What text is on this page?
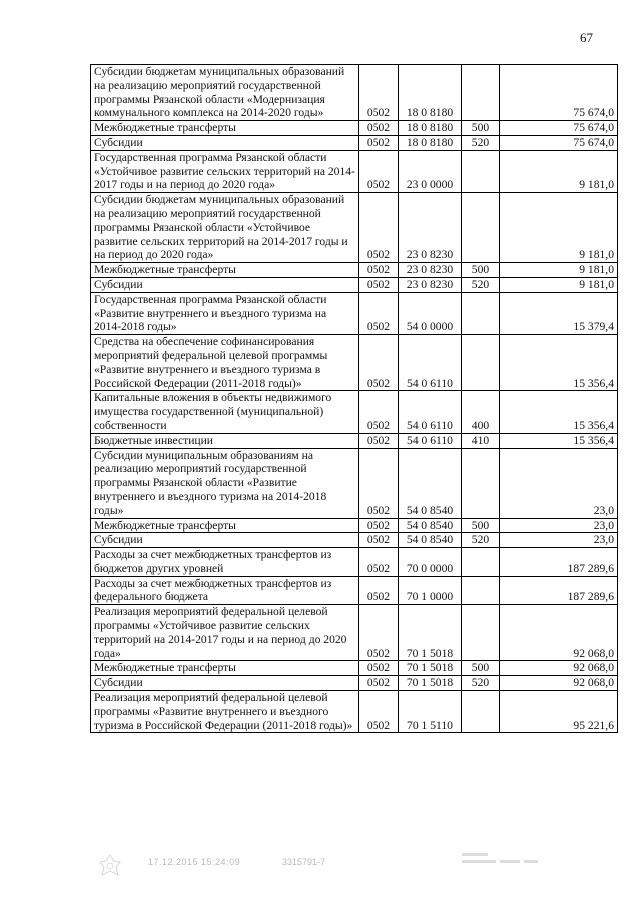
67
Субсидии бюджетам муниципальных образований на реализацию мероприятий государственной программы Рязанской области «Модернизация коммунального комплекса на 2014-2020 годы»	0502	18 0 8180		75 674,0
Межбюджетные трансферты	0502	18 0 8180	500	75 674,0
Субсидии	0502	18 0 8180	520	75 674,0
Государственная программа Рязанской области «Устойчивое развитие сельских территорий на 2014-2017 годы и на период до 2020 года»	0502	23 0 0000		9 181,0
Субсидии бюджетам муниципальных образований на реализацию мероприятий государственной программы Рязанской области «Устойчивое развитие сельских территорий на 2014-2017 годы и на период до 2020 года»	0502	23 0 8230		9 181,0
Межбюджетные трансферты	0502	23 0 8230	500	9 181,0
Субсидии	0502	23 0 8230	520	9 181,0
Государственная программа Рязанской области «Развитие внутреннего и въездного туризма на 2014-2018 годы»	0502	54 0 0000		15 379,4
Средства на обеспечение софинансирования мероприятий федеральной целевой программы «Развитие внутреннего и въездного туризма в Российской Федерации (2011-2018 годы)»	0502	54 0 6110		15 356,4
Капитальные вложения в объекты недвижимого имущества государственной (муниципальной) собственности	0502	54 0 6110	400	15 356,4
Бюджетные инвестиции	0502	54 0 6110	410	15 356,4
Субсидии муниципальным образованиям на реализацию мероприятий государственной программы Рязанской области «Развитие внутреннего и въездного туризма на 2014-2018 годы»	0502	54 0 8540		23,0
Межбюджетные трансферты	0502	54 0 8540	500	23,0
Субсидии	0502	54 0 8540	520	23,0
Расходы за счет межбюджетных трансфертов из бюджетов других уровней	0502	70 0 0000		187 289,6
Расходы за счет межбюджетных трансфертов из федерального бюджета	0502	70 1 0000		187 289,6
Реализация мероприятий федеральной целевой программы «Устойчивое развитие сельских территорий на 2014-2017 годы и на период до 2020 года»	0502	70 1 5018		92 068,0
Межбюджетные трансферты	0502	70 1 5018	500	92 068,0
Субсидии	0502	70 1 5018	520	92 068,0
Реализация мероприятий федеральной целевой программы «Развитие внутреннего и въездного туризма в Российской Федерации (2011-2018 годы)»	0502	70 1 5110		95 221,6
17.12.2015 15:24:09	3315791-7
